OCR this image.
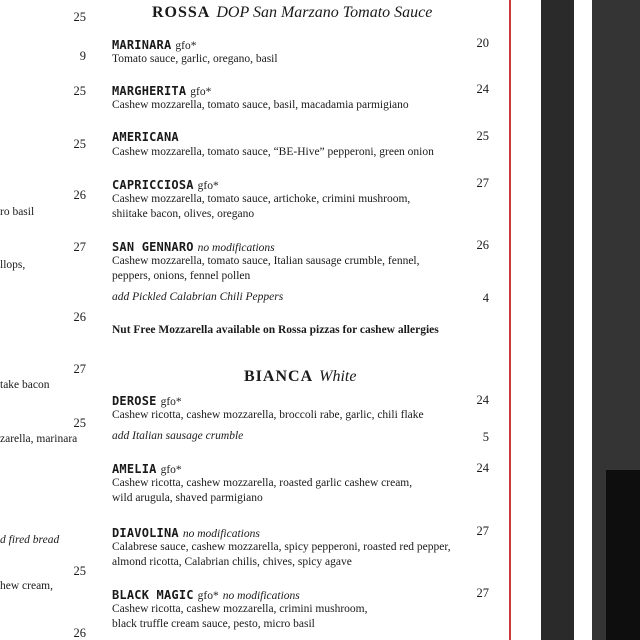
25
9
25
25
26
27
26
27
25
25
26
ro basil
llops,
take bacon
zarella, marinara
d fired bread
hew cream,
ROSSA DOP San Marzano Tomato Sauce
MARINARA gfo*
Tomato sauce, garlic, oregano, basil
20
MARGHERITA gfo*
Cashew mozzarella, tomato sauce, basil, macadamia parmigiano
24
AMERICANA
Cashew mozzarella, tomato sauce, “BE-Hive” pepperoni, green onion
25
CAPRICCIOSA gfo*
Cashew mozzarella, tomato sauce, artichoke, crimini mushroom,
shiitake bacon, olives, oregano
27
SAN GENNARO no modifications
Cashew mozzarella, tomato sauce, Italian sausage crumble, fennel,
peppers, onions, fennel pollen
26
add Pickled Calabrian Chili Peppers	4
Nut Free Mozzarella available on Rossa pizzas for cashew allergies
BIANCA White
DEROSE gfo*
Cashew ricotta, cashew mozzarella, broccoli rabe, garlic, chili flake
24
add Italian sausage crumble	5
AMELIA gfo*
Cashew ricotta, cashew mozzarella, roasted garlic cashew cream,
wild arugula, shaved parmigiano
24
DIAVOLINA no modifications
Calabrese sauce, cashew mozzarella, spicy pepperoni, roasted red pepper,
almond ricotta, Calabrian chilis, chives, spicy agave
27
BLACK MAGIC gfo* no modifications
Cashew ricotta, cashew mozzarella, crimini mushroom,
black truffle cream sauce, pesto, micro basil
27
